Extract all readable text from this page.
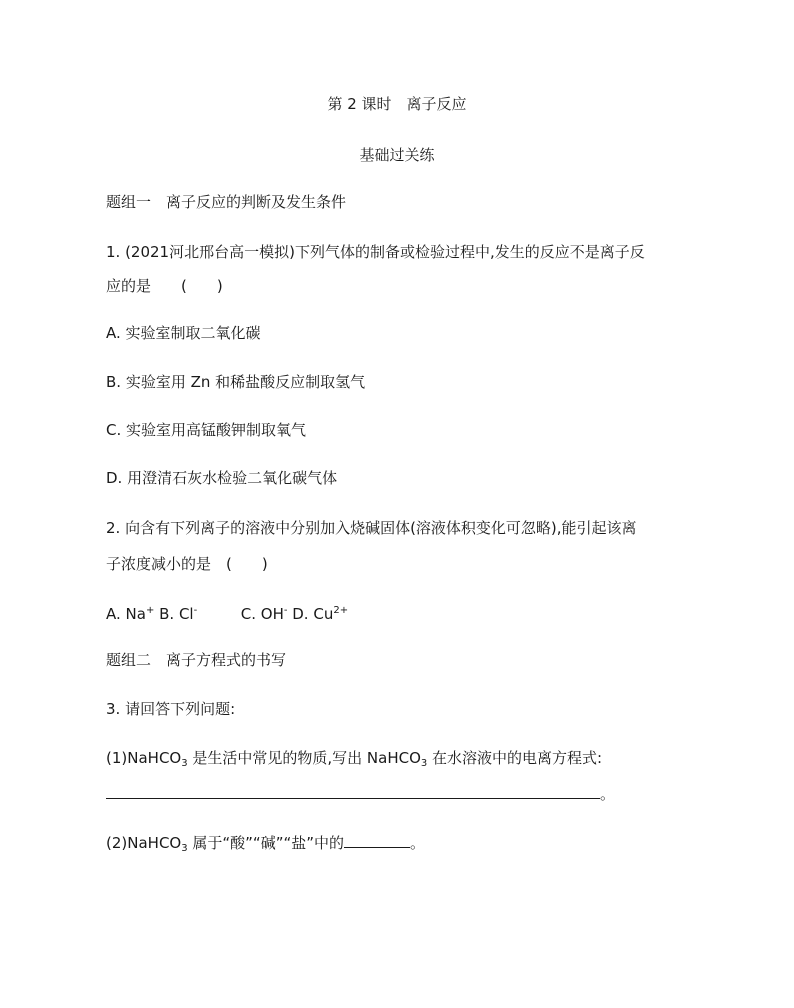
第 2 课时　离子反应
基础过关练
题组一　离子反应的判断及发生条件
1. (2021河北邢台高一模拟)下列气体的制备或检验过程中,发生的反应不是离子反
应的是　　(　　)
A. 实验室制取二氧化碳
B. 实验室用 Zn 和稀盐酸反应制取氢气
C. 实验室用高锰酸钾制取氧气
D. 用澄清石灰水检验二氧化碳气体
2. 向含有下列离子的溶液中分别加入烧碱固体(溶液体积变化可忽略),能引起该离
子浓度减小的是　(　　)
A. Na+ B. Cl-	C. OH- D. $Cu^{2+}$
题组二　离子方程式的书写
3. 请回答下列问题:
(1)NaHCO$_3$ 是生活中常见的物质,写出 NaHCO$_3$ 在水溶液中的电离方程式:
。
(2)NaHCO$_3$ 属于“酸”“碱”“盐”中的	。
